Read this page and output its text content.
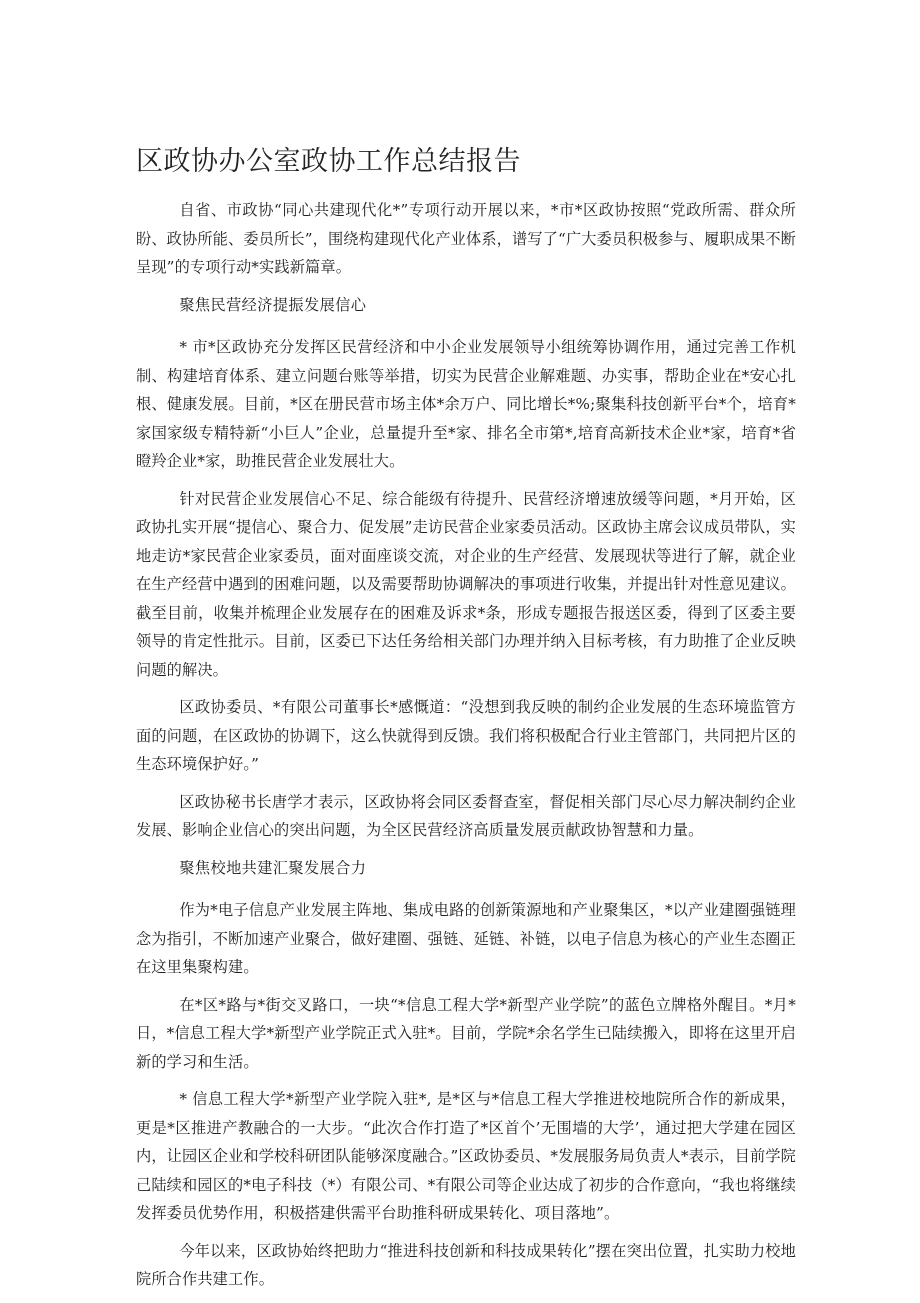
区政协办公室政协工作总结报告

自省、市政协“同心共建现代化*”专项行动开展以来，*市*区政协按照“党政所需、群众所盼、政协所能、委员所长”，围绕构建现代化产业体系，谱写了“广大委员积极参与、履职成果不断呈现”的专项行动*实践新篇章。

聚焦民营经济提振发展信心

* 市*区政协充分发挥区民营经济和中小企业发展领导小组统筹协调作用，通过完善工作机制、构建培育体系、建立问题台账等举措，切实为民营企业解难题、办实事，帮助企业在*安心扎根、健康发展。目前，*区在册民营市场主体*余万户、同比增长*%;聚集科技创新平台*个，培育*家国家级专精特新“小巨人”企业，总量提升至*家、排名全市第*,培育高新技术企业*家，培育*省瞪羚企业*家，助推民营企业发展壮大。

针对民营企业发展信心不足、综合能级有待提升、民营经济增速放缓等问题，*月开始，区政协扎实开展“提信心、聚合力、促发展”走访民营企业家委员活动。区政协主席会议成员带队，实地走访*家民营企业家委员，面对面座谈交流，对企业的生产经营、发展现状等进行了解，就企业在生产经营中遇到的困难问题，以及需要帮助协调解决的事项进行收集，并提出针对性意见建议。截至目前，收集并梳理企业发展存在的困难及诉求*条，形成专题报告报送区委，得到了区委主要领导的肯定性批示。目前，区委已下达任务给相关部门办理并纳入目标考核，有力助推了企业反映问题的解决。

区政协委员、*有限公司董事长*感慨道：“没想到我反映的制约企业发展的生态环境监管方面的问题，在区政协的协调下，这么快就得到反馈。我们将积极配合行业主管部门，共同把片区的生态环境保护好。”

区政协秘书长唐学才表示，区政协将会同区委督查室，督促相关部门尽心尽力解决制约企业发展、影响企业信心的突出问题，为全区民营经济高质量发展贡献政协智慧和力量。

聚焦校地共建汇聚发展合力

作为*电子信息产业发展主阵地、集成电路的创新策源地和产业聚集区，*以产业建圈强链理念为指引，不断加速产业聚合，做好建圈、强链、延链、补链，以电子信息为核心的产业生态圈正在这里集聚构建。

在*区*路与*街交叉路口，一块“*信息工程大学*新型产业学院”的蓝色立牌格外醒目。*月*日，*信息工程大学*新型产业学院正式入驻*。目前，学院*余名学生已陆续搬入，即将在这里开启新的学习和生活。

* 信息工程大学*新型产业学院入驻*, 是*区与*信息工程大学推进校地院所合作的新成果，更是*区推进产教融合的一大步。“此次合作打造了*区首个’无围墙的大学’，通过把大学建在园区内，让园区企业和学校科研团队能够深度融合。”区政协委员、*发展服务局负责人*表示，目前学院己陆续和园区的*电子科技（*）有限公司、*有限公司等企业达成了初步的合作意向，“我也将继续发挥委员优势作用，积极搭建供需平台助推科研成果转化、项目落地”。

今年以来，区政协始终把助力“推进科技创新和科技成果转化”摆在突出位置，扎实助力校地院所合作共建工作。
